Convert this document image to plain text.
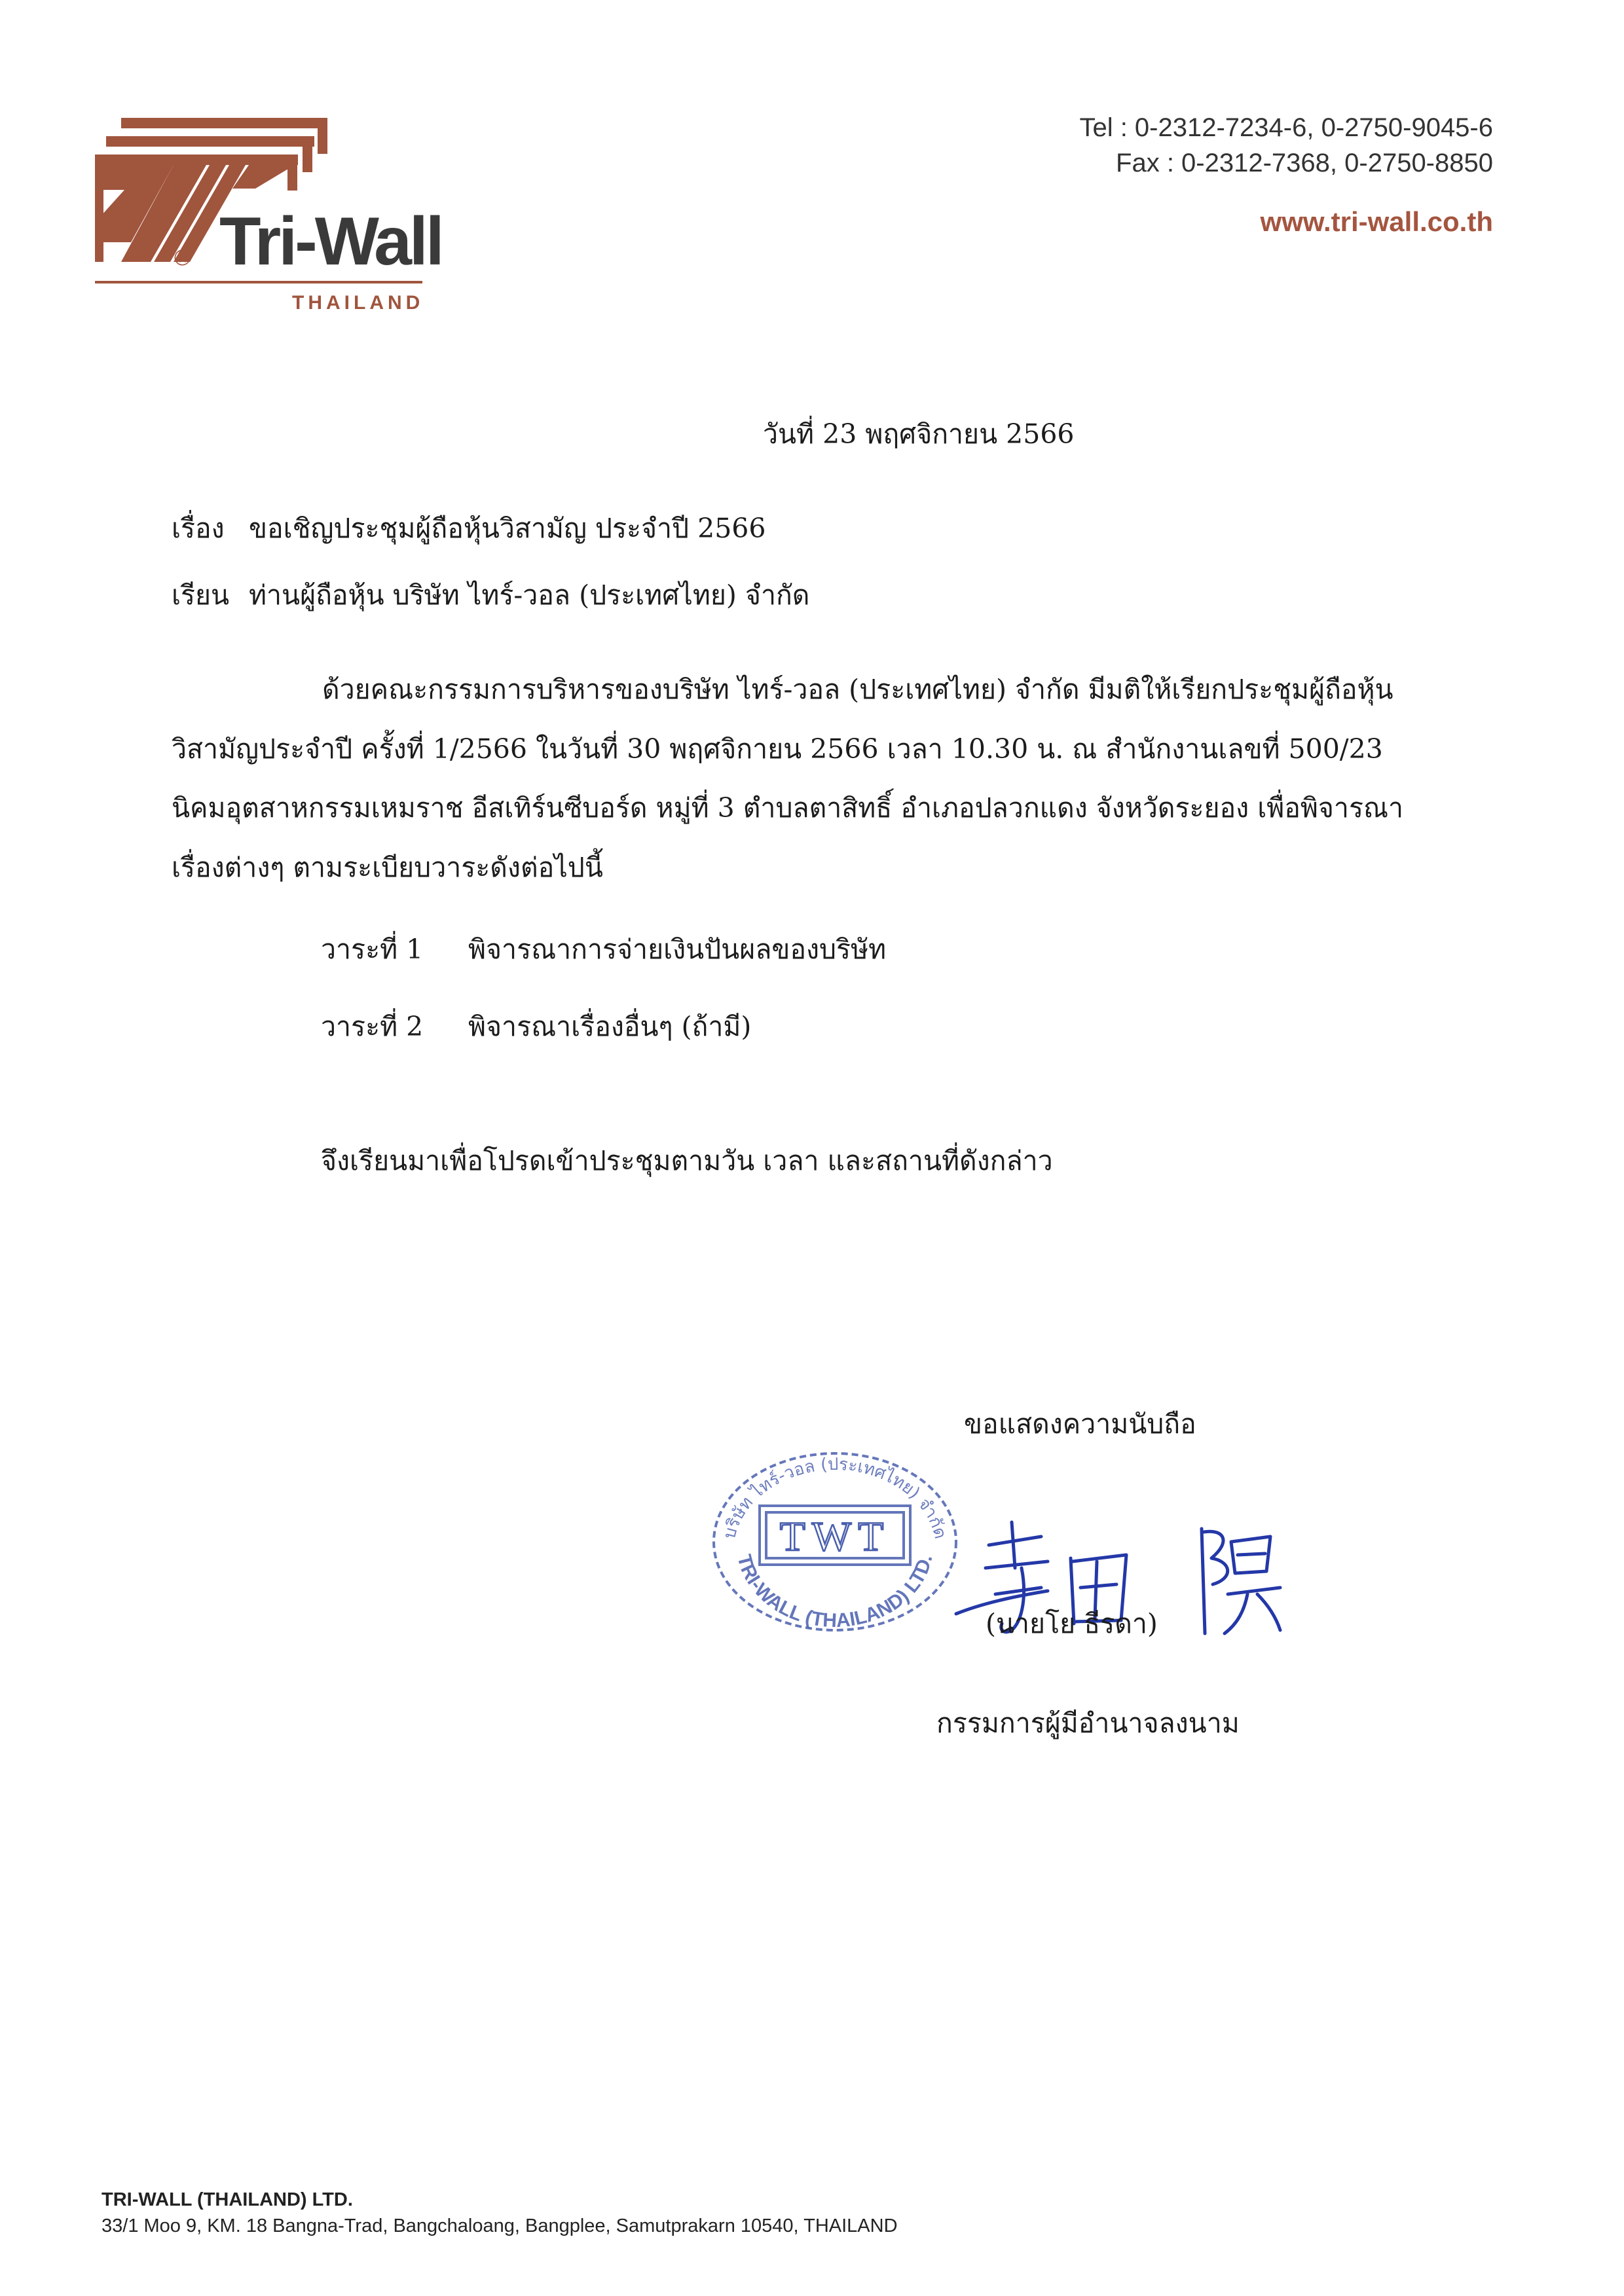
® Tri-Wall
THAILAND
Tel : 0-2312-7234-6, 0-2750-9045-6
Fax : 0-2312-7368, 0-2750-8850
www.tri-wall.co.th
วันที่ 23 พฤศจิกายน 2566
เรื่อง ขอเชิญประชุมผู้ถือหุ้นวิสามัญ ประจำปี 2566
เรียน ท่านผู้ถือหุ้น บริษัท ไทร์-วอล (ประเทศไทย) จำกัด
ด้วยคณะกรรมการบริหารของบริษัท ไทร์-วอล (ประเทศไทย) จำกัด มีมติให้เรียกประชุมผู้ถือหุ้น
วิสามัญประจำปี ครั้งที่ 1/2566 ในวันที่ 30 พฤศจิกายน 2566 เวลา 10.30 น. ณ สำนักงานเลขที่ 500/23
นิคมอุตสาหกรรมเหมราช อีสเทิร์นซีบอร์ด หมู่ที่ 3 ตำบลตาสิทธิ์ อำเภอปลวกแดง จังหวัดระยอง เพื่อพิจารณา
เรื่องต่างๆ ตามระเบียบวาระดังต่อไปนี้
วาระที่ 1 พิจารณาการจ่ายเงินปันผลของบริษัท
วาระที่ 2 พิจารณาเรื่องอื่นๆ (ถ้ามี)
จึงเรียนมาเพื่อโปรดเข้าประชุมตามวัน เวลา และสถานที่ดังกล่าว
ขอแสดงความนับถือ
TWT
บริษัท ไทร์-วอล (ประเทศไทย) จำกัด
TRI-WALL (THAILAND) LTD.
(นายโย ธีรดา)
กรรมการผู้มีอำนาจลงนาม
TRI-WALL (THAILAND) LTD.
33/1 Moo 9, KM. 18 Bangna-Trad, Bangchaloang, Bangplee, Samutprakarn 10540, THAILAND
